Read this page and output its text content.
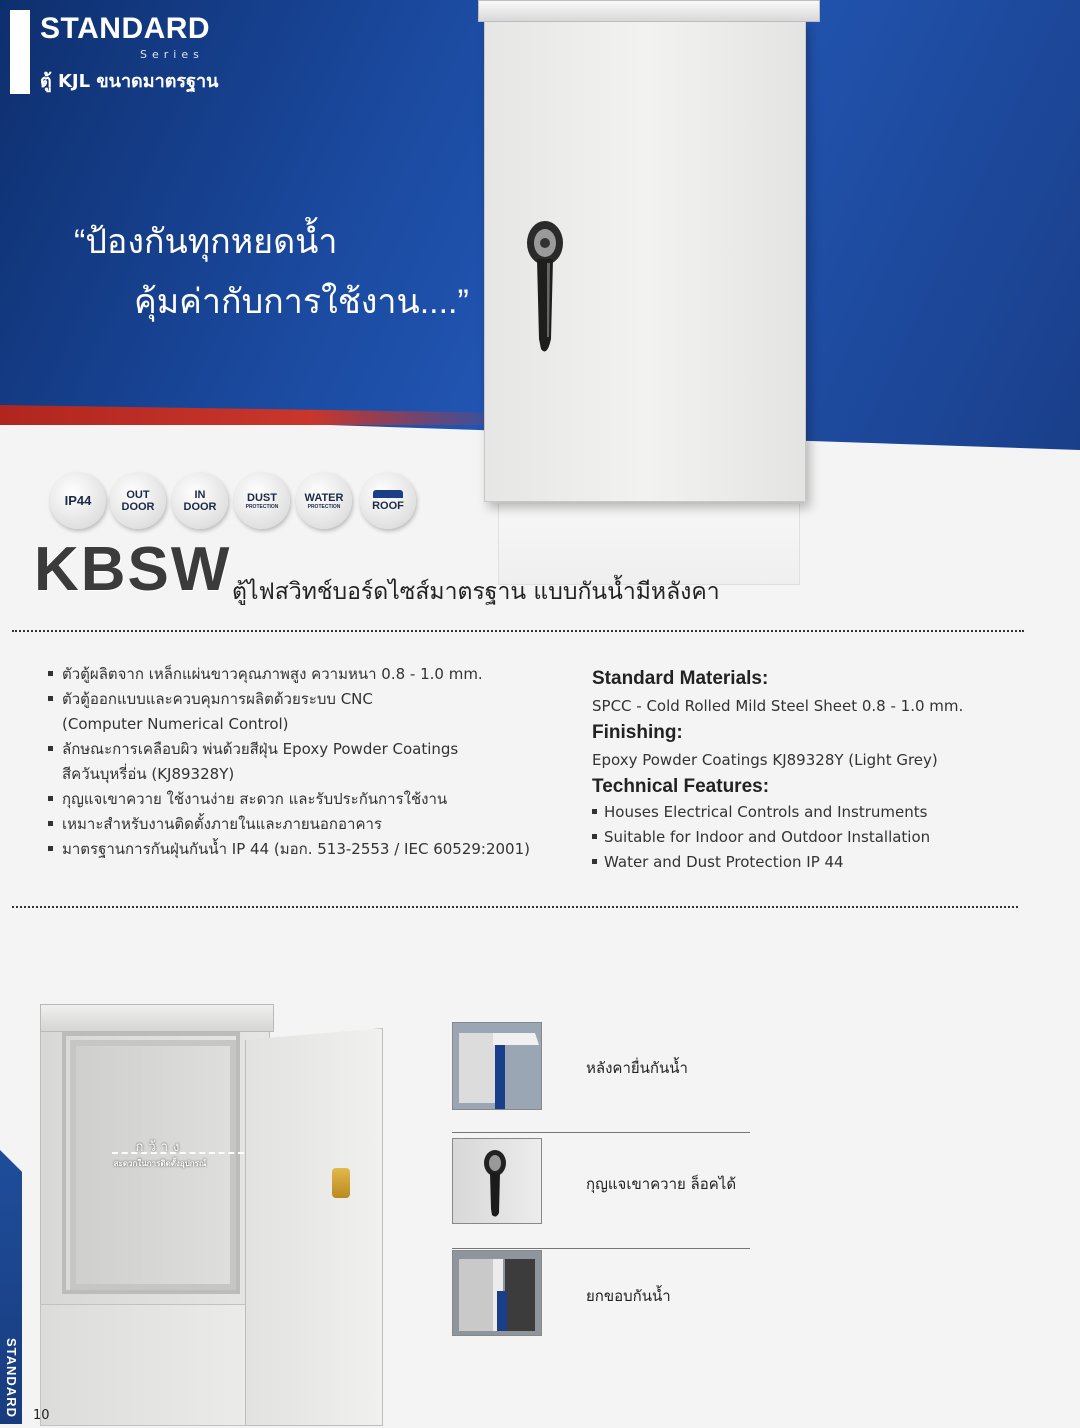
STANDARD
Series
ตู้ KJL ขนาดมาตรฐาน
“ป้องกันทุกหยดน้ำ
คุ้มค่ากับการใช้งาน....”
IP44	OUT
DOOR
IN
DOOR
DUST
PROTECTION
WATER
PROTECTION	ROOF
KBSW ตู้ไฟสวิทช์บอร์ดไซส์มาตรฐาน แบบกันน้ำมีหลังคา
ตัวตู้ผลิตจาก เหล็กแผ่นขาวคุณภาพสูง ความหนา 0.8 - 1.0 mm.
ตัวตู้ออกแบบและควบคุมการผลิตด้วยระบบ CNC
(Computer Numerical Control)
ลักษณะการเคลือบผิว พ่นด้วยสีฝุ่น Epoxy Powder Coatings
สีควันบุหรี่อ่น (KJ89328Y)
กุญแจเขาควาย ใช้งานง่าย สะดวก และรับประกันการใช้งาน
เหมาะสำหรับงานติดตั้งภายในและภายนอกอาคาร
มาตรฐานการกันฝุ่นกันน้ำ IP 44 (มอก. 513-2553 / IEC 60529:2001)

Standard Materials:

SPCC - Cold Rolled Mild Steel Sheet 0.8 - 1.0 mm.

Finishing:

Epoxy Powder Coatings KJ89328Y (Light Grey)

Technical Features:

Houses Electrical Controls and Instruments
Suitable for Indoor and Outdoor Installation
Water and Dust Protection IP 44
กว้าง
สะดวกในการติดตั้งอุปกรณ์
หลังคายื่นกันน้ำ
กุญแจเขาควาย ล็อคได้
ยกขอบกันน้ำ
STANDARD 10
